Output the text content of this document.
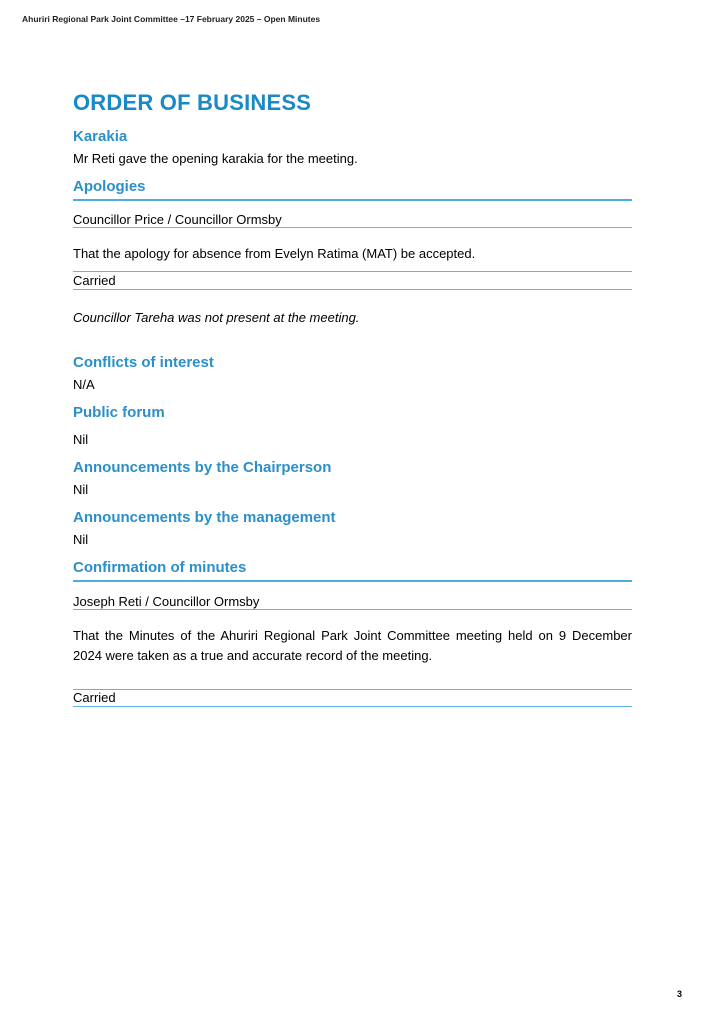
Ahuriri Regional Park Joint Committee –17 February 2025 – Open Minutes
ORDER OF BUSINESS
Karakia
Mr Reti gave the opening karakia for the meeting.
Apologies
Councillor Price / Councillor Ormsby
That the apology for absence from Evelyn Ratima (MAT) be accepted.
Carried
Councillor Tareha was not present at the meeting.
Conflicts of interest
N/A
Public forum
Nil
Announcements by the Chairperson
Nil
Announcements by the management
Nil
Confirmation of minutes
Joseph Reti / Councillor Ormsby
That the Minutes of the Ahuriri Regional Park Joint Committee meeting held on 9 December 2024 were taken as a true and accurate record of the meeting.
Carried
3
